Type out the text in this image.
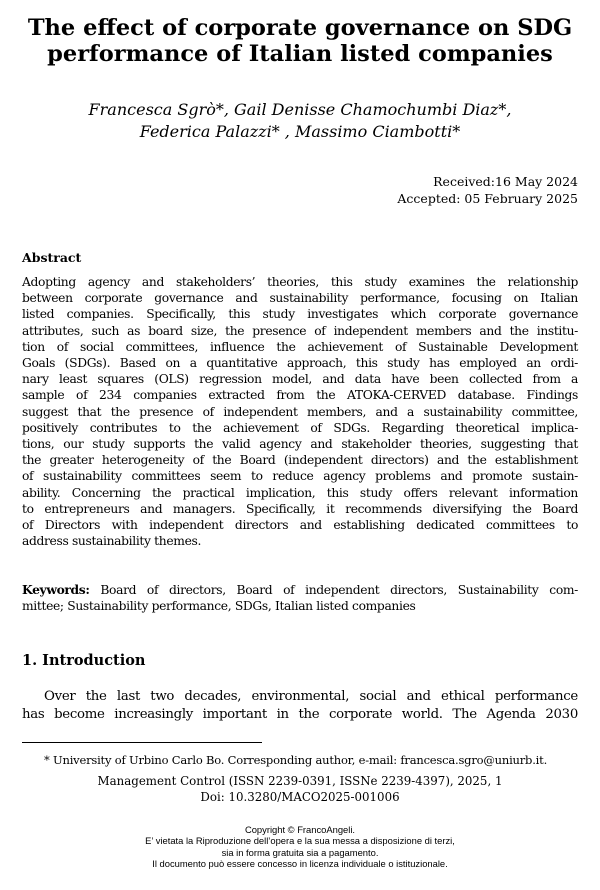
The effect of corporate governance on SDG
performance of Italian listed companies
Francesca Sgrò*, Gail Denisse Chamochumbi Diaz*,
Federica Palazzi* , Massimo Ciambotti*
Received:16 May 2024
Accepted: 05 February 2025
Abstract
Adopting agency and stakeholders’ theories, this study examines the relationship
between corporate governance and sustainability performance, focusing on Italian
listed companies. Specifically, this study investigates which corporate governance
attributes, such as board size, the presence of independent members and the institu-
tion of social committees, influence the achievement of Sustainable Development
Goals (SDGs). Based on a quantitative approach, this study has employed an ordi-
nary least squares (OLS) regression model, and data have been collected from a
sample of 234 companies extracted from the ATOKA-CERVED database. Findings
suggest that the presence of independent members, and a sustainability committee,
positively contributes to the achievement of SDGs. Regarding theoretical implica-
tions, our study supports the valid agency and stakeholder theories, suggesting that
the greater heterogeneity of the Board (independent directors) and the establishment
of sustainability committees seem to reduce agency problems and promote sustain-
ability. Concerning the practical implication, this study offers relevant information
to entrepreneurs and managers. Specifically, it recommends diversifying the Board
of Directors with independent directors and establishing dedicated committees to
address sustainability themes.
Keywords: Board of directors, Board of independent directors, Sustainability com-
mittee; Sustainability performance, SDGs, Italian listed companies
1. Introduction
Over the last two decades, environmental, social and ethical performance
has become increasingly important in the corporate world. The Agenda 2030
* University of Urbino Carlo Bo. Corresponding author, e-mail: francesca.sgro@uniurb.it.
Management Control (ISSN 2239-0391, ISSNe 2239-4397), 2025, 1
Doi: 10.3280/MACO2025-001006
Copyright © FrancoAngeli.
E’ vietata la Riproduzione dell’opera e la sua messa a disposizione di terzi,
sia in forma gratuita sia a pagamento.
Il documento può essere concesso in licenza individuale o istituzionale.
